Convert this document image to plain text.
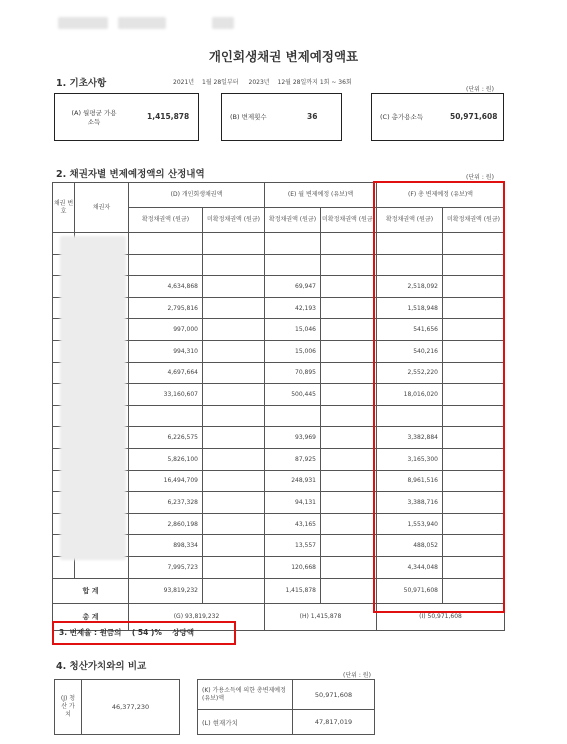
개인회생채권 변제예정액표
1. 기초사항	2021년 1월 28일부터 2023년 12월 28일까지 1회 ~ 36회
(단위 : 원)
(A) 월평균 가용소득
1,415,878	(B) 변제횟수	36	(C) 총가용소득	50,971,608
2. 채권자별 변제예정액의 산정내역	(단위 : 원)
채권 번호	채권자	(D) 개인회생채권액		(E) 월 변제예정 (유보)액		(F) 총 변제예정 (유보)액	
		확정채권액 (원금)	미확정채권액 (원금)	확정채권액 (원금)	미확정채권액 (원금)	확정채권액 (원금)	미확정채권액 (원금)

		4,634,868		69,947		2,518,092	
		2,795,816		42,193		1,518,948	
		997,000		15,046		541,656	
		994,310		15,006		540,216	
		4,697,664		70,895		2,552,220	
		33,160,607		500,445		18,016,020	

		6,226,575		93,969		3,382,884	
		5,826,100		87,925		3,165,300	
		16,494,709		248,931		8,961,516	
		6,237,328		94,131		3,388,716	
		2,860,198		43,165		1,553,940	
		898,334		13,557		488,052	
		7,995,723		120,668		4,344,048	
합 계		93,819,232		1,415,878		50,971,608	
총 계		(G) 93,819,232		(H) 1,415,878		(I) 50,971,608	
3. 변제율 : 원금의    ( 54 )%    상당액
4. 청산가치와의 비교
(단위 : 원)
(J) 청산 가치	46,377,230
(K) 가용소득에 의한 총변제예정(유보)액	50,971,608
(L) 현재가치	47,817,019
